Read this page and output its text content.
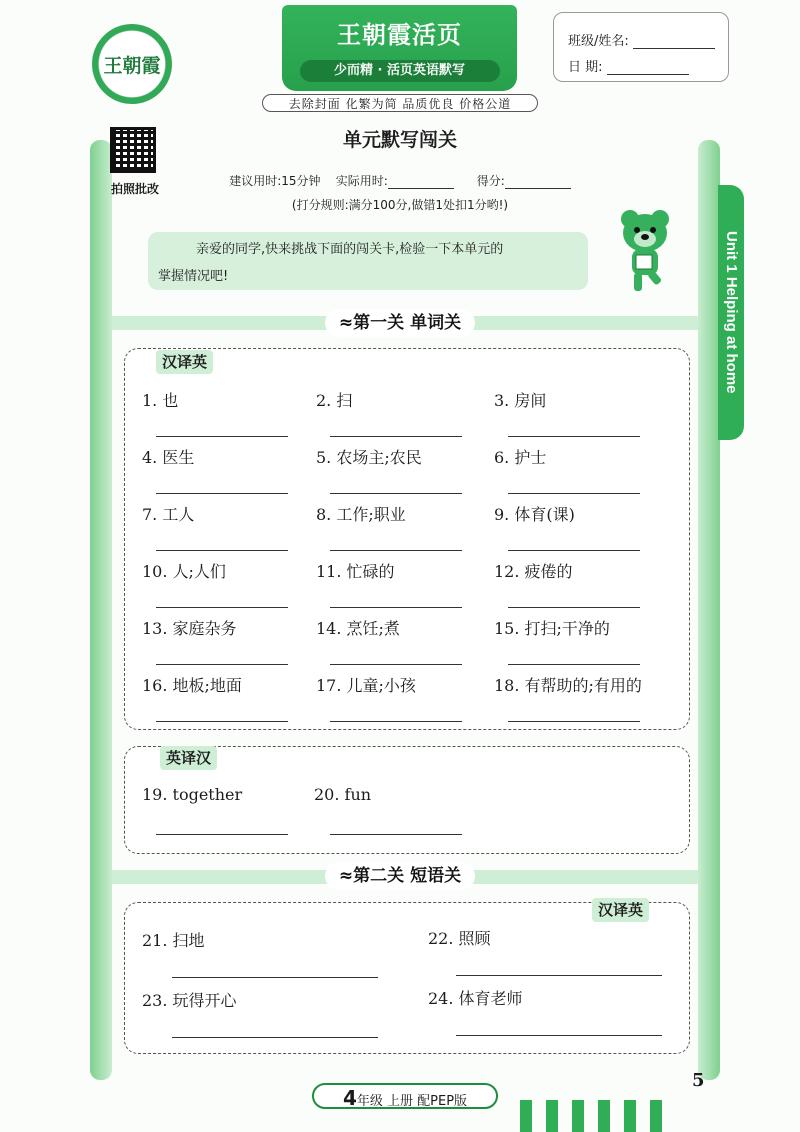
Unit 1 Helping at home
王朝霞
王朝霞活页
少而精 · 活页英语默写
去除封面 化繁为简 品质优良 价格公道
班级/姓名:
日 期:
拍照批改
单元默写闯关
建议用时:15分钟 实际用时:	得分:
(打分规则:满分100分,做错1处扣1分哟!)
亲爱的同学,快来挑战下面的闯关卡,检验一下本单元的
掌握情况吧!
≈第一关 单词关
汉译英
1. 也	2. 扫	3. 房间
4. 医生	5. 农场主;农民	6. 护士
7. 工人	8. 工作;职业	9. 体育(课)
10. 人;人们	11. 忙碌的	12. 疲倦的
13. 家庭杂务	14. 烹饪;煮	15. 打扫;干净的
16. 地板;地面	17. 儿童;小孩	18. 有帮助的;有用的
英译汉
19. together	20. fun
≈第二关 短语关
汉译英
21. 扫地	22. 照顾
23. 玩得开心	24. 体育老师
4年级 上册 配PEP版
5
